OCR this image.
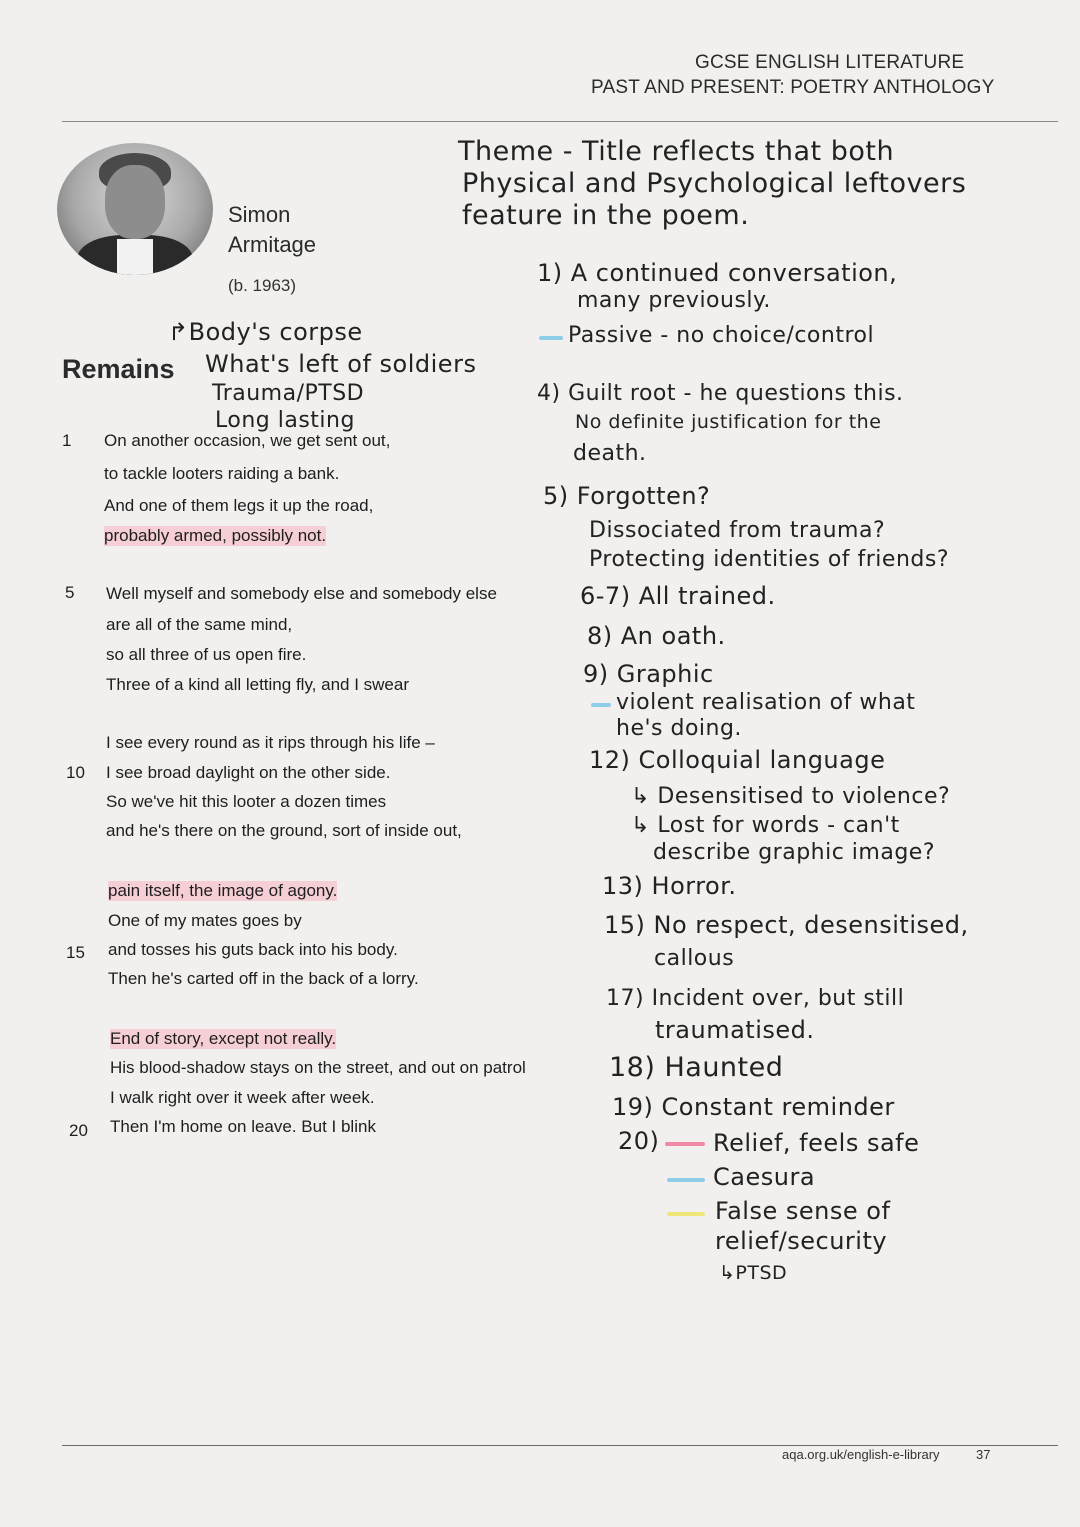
GCSE ENGLISH LITERATURE
PAST AND PRESENT: POETRY ANTHOLOGY
Simon
Armitage
(b. 1963)
Theme - Title reflects that both
Physical and Psychological leftovers
feature in the poem.
↱Body's corpse
Remains What's left of soldiers
Trauma/PTSD
Long lasting
1
5
10
15
20
On another occasion, we get sent out,
to tackle looters raiding a bank.
And one of them legs it up the road,
probably armed, possibly not.
Well myself and somebody else and somebody else
are all of the same mind,
so all three of us open fire.
Three of a kind all letting fly, and I swear
I see every round as it rips through his life –
I see broad daylight on the other side.
So we've hit this looter a dozen times
and he's there on the ground, sort of inside out,
pain itself, the image of agony.
One of my mates goes by
and tosses his guts back into his body.
Then he's carted off in the back of a lorry.
End of story, except not really.
His blood-shadow stays on the street, and out on patrol
I walk right over it week after week.
Then I'm home on leave. But I blink
1) A continued conversation,
many previously.
Passive - no choice/control
4) Guilt root - he questions this.
No definite justification for the
death.
5) Forgotten?
Dissociated from trauma?
Protecting identities of friends?
6-7) All trained.
8) An oath.
9) Graphic
violent realisation of what
he's doing.
12) Colloquial language
↳ Desensitised to violence?
↳ Lost for words - can't
describe graphic image?
13) Horror.
15) No respect, desensitised,
callous
17) Incident over, but still
traumatised.
18) Haunted
19) Constant reminder
20) Relief, feels safe
Caesura
False sense of
relief/security
↳PTSD
aqa.org.uk/english-e-library	37
